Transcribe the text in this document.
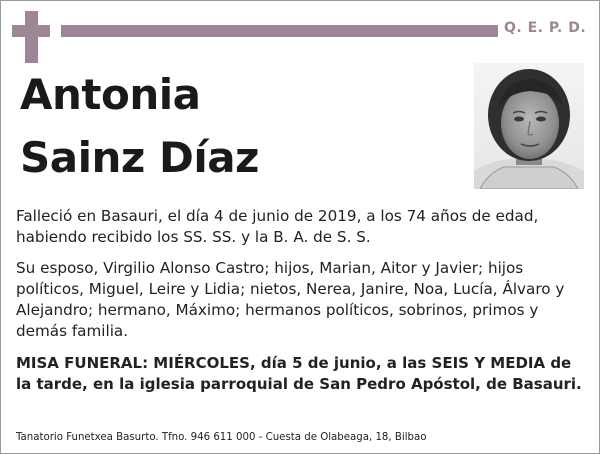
Q. E. P. D.
Antonia
Sainz Díaz
Falleció en Basauri, el día 4 de junio de 2019, a los 74 años de edad, habiendo recibido los SS. SS. y la B. A. de S. S.
Su esposo, Virgilio Alonso Castro; hijos, Marian, Aitor y Javier; hijos políticos, Miguel, Leire y Lidia; nietos, Nerea, Janire, Noa, Lucía, Álvaro y Alejandro; hermano, Máximo; hermanos políticos, sobrinos, primos y demás familia.
MISA FUNERAL: MIÉRCOLES, día 5 de junio, a las SEIS Y MEDIA de la tarde, en la iglesia parroquial de San Pedro Apóstol, de Basauri.
Tanatorio Funetxea Basurto. Tfno. 946 611 000 - Cuesta de Olabeaga, 18, Bilbao
